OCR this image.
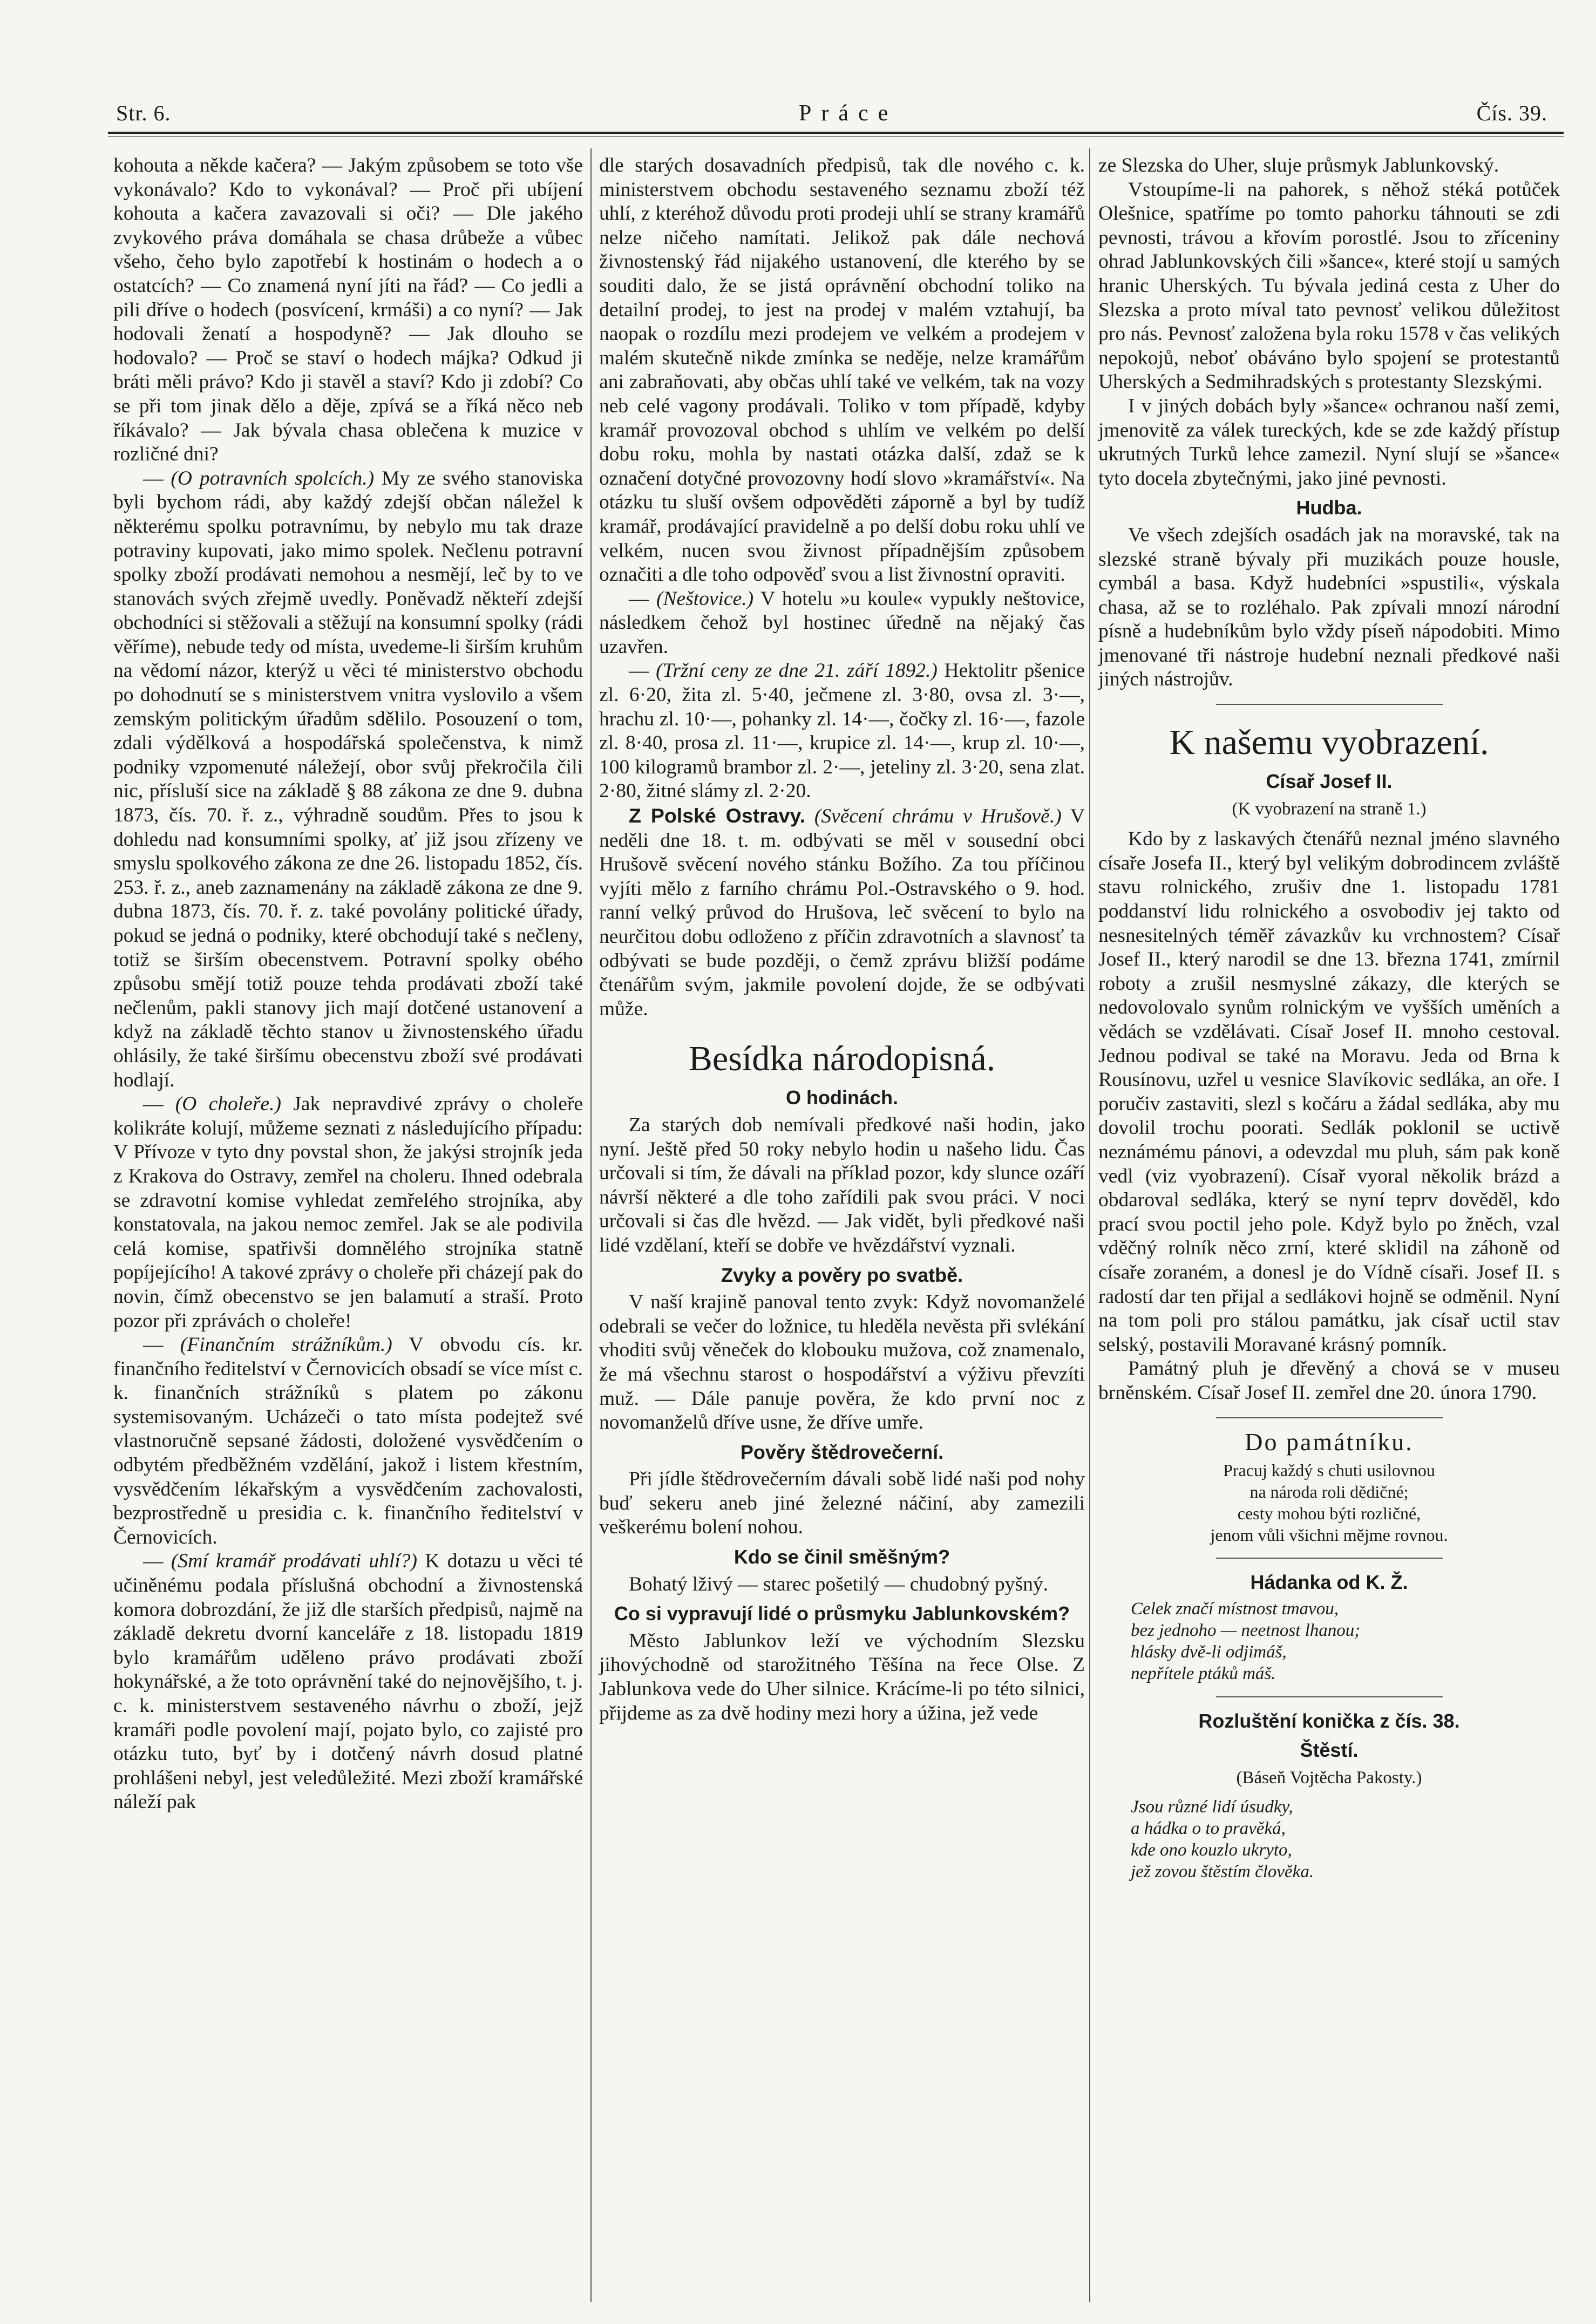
Str. 6.	Práce	Čís. 39.

kohouta a někde kačera? — Jakým způsobem se toto vše vykonávalo? Kdo to vykonával? — Proč při ubíjení kohouta a kačera zavazovali si oči? — Dle jakého zvykového práva domáhala se chasa drůbeže a vůbec všeho, čeho bylo zapotřebí k hostinám o hodech a o ostatcích? — Co znamená nyní jíti na řád? — Co jedli a pili dříve o hodech (posvícení, krmáši) a co nyní? — Jak hodovali ženatí a hospodyně? — Jak dlouho se hodovalo? — Proč se staví o hodech májka? Odkud ji bráti měli právo? Kdo ji stavěl a staví? Kdo ji zdobí? Co se při tom jinak dělo a děje, zpívá se a říká něco neb říkávalo? — Jak bývala chasa oblečena k muzice v rozličné dni?

— (O potravních spolcích.) My ze svého stanoviska byli bychom rádi, aby každý zdejší občan náležel k některému spolku potravnímu, by nebylo mu tak draze potraviny kupovati, jako mimo spolek. Nečlenu potravní spolky zboží prodávati nemohou a nesmějí, leč by to ve stanovách svých zřejmě uvedly. Poněvadž někteří zdejší obchodníci si stěžovali a stěžují na konsumní spolky (rádi věříme), nebude tedy od místa, uvedeme-li širším kruhům na vědomí názor, kterýž u věci té ministerstvo obchodu po dohodnutí se s ministerstvem vnitra vyslovilo a všem zemským politickým úřadům sdělilo. Posouzení o tom, zdali výdělková a hospodářská společenstva, k nimž podniky vzpomenuté náležejí, obor svůj překročila čili nic, přísluší sice na základě § 88 zákona ze dne 9. dubna 1873, čís. 70. ř. z., výhradně soudům. Přes to jsou k dohledu nad konsumními spolky, ať již jsou zřízeny ve smyslu spolkového zákona ze dne 26. listopadu 1852, čís. 253. ř. z., aneb zaznamenány na základě zákona ze dne 9. dubna 1873, čís. 70. ř. z. také povolány politické úřady, pokud se jedná o podniky, které obchodují také s nečleny, totiž se širším obecenstvem. Potravní spolky obého způsobu smějí totiž pouze tehda prodávati zboží také nečlenům, pakli stanovy jich mají dotčené ustanovení a když na základě těchto stanov u živnostenského úřadu ohlásily, že také širšímu obecenstvu zboží své prodávati hodlají.

— (O choleře.) Jak nepravdivé zprávy o choleře kolikráte kolují, můžeme seznati z následujícího případu: V Přívoze v tyto dny povstal shon, že jakýsi strojník jeda z Krakova do Ostravy, zemřel na choleru. Ihned odebrala se zdravotní komise vyhledat zemřelého strojníka, aby konstatovala, na jakou nemoc zemřel. Jak se ale podivila celá komise, spatřivši domnělého strojníka statně popíjejícího! A takové zprávy o choleře při cházejí pak do novin, čímž obecenstvo se jen balamutí a straší. Proto pozor při zprávách o choleře!

— (Finančním strážníkům.) V obvodu cís. kr. finančního ředitelství v Černovicích obsadí se více míst c. k. finančních strážníků s platem po zákonu systemisovaným. Ucházeči o tato místa podejtež své vlastnoručně sepsané žádosti, doložené vysvědčením o odbytém předběžném vzdělání, jakož i listem křestním, vysvědčením lékařským a vysvědčením zachovalosti, bezprostředně u presidia c. k. finančního ředitelství v Černovicích.

— (Smí kramář prodávati uhlí?) K dotazu u věci té učiněnému podala příslušná obchodní a živnostenská komora dobrozdání, že již dle starších předpisů, najmě na základě dekretu dvorní kanceláře z 18. listopadu 1819 bylo kramářům uděleno právo prodávati zboží hokynářské, a že toto oprávnění také do nejnovějšího, t. j. c. k. ministerstvem sestaveného návrhu o zboží, jejž kramáři podle povolení mají, pojato bylo, co zajisté pro otázku tuto, byť by i dotčený návrh dosud platné prohlášeni nebyl, jest veledůležité. Mezi zboží kramářské náleží pak

dle starých dosavadních předpisů, tak dle nového c. k. ministerstvem obchodu sestaveného seznamu zboží též uhlí, z kteréhož důvodu proti prodeji uhlí se strany kramářů nelze ničeho namítati. Jelikož pak dále nechová živnostenský řád nijakého ustanovení, dle kterého by se souditi dalo, že se jistá oprávnění obchodní toliko na detailní prodej, to jest na prodej v malém vztahují, ba naopak o rozdílu mezi prodejem ve velkém a prodejem v malém skutečně nikde zmínka se neděje, nelze kramářům ani zabraňovati, aby občas uhlí také ve velkém, tak na vozy neb celé vagony prodávali. Toliko v tom případě, kdyby kramář provozoval obchod s uhlím ve velkém po delší dobu roku, mohla by nastati otázka další, zdaž se k označení dotyčné provozovny hodí slovo »kramářství«. Na otázku tu sluší ovšem odpověděti záporně a byl by tudíž kramář, prodávající pravidelně a po delší dobu roku uhlí ve velkém, nucen svou živnost případnějším způsobem označiti a dle toho odpověď svou a list živnostní opraviti.

— (Neštovice.) V hotelu »u koule« vypukly neštovice, následkem čehož byl hostinec úředně na nějaký čas uzavřen.

— (Tržní ceny ze dne 21. září 1892.) Hektolitr pšenice zl. 6·20, žita zl. 5·40, ječmene zl. 3·80, ovsa zl. 3·—, hrachu zl. 10·—, pohanky zl. 14·—, čočky zl. 16·—, fazole zl. 8·40, prosa zl. 11·—, krupice zl. 14·—, krup zl. 10·—, 100 kilogramů brambor zl. 2·—, jeteliny zl. 3·20, sena zlat. 2·80, žitné slámy zl. 2·20.

Z Polské Ostravy. (Svěcení chrámu v Hrušově.) V neděli dne 18. t. m. odbývati se měl v sousední obci Hrušově svěcení nového stánku Božího. Za tou příčinou vyjíti mělo z farního chrámu Pol.-Ostravského o 9. hod. ranní velký průvod do Hrušova, leč svěcení to bylo na neurčitou dobu odloženo z příčin zdravotních a slavnosť ta odbývati se bude později, o čemž zprávu bližší podáme čtenářům svým, jakmile povolení dojde, že se odbývati může.

Besídka národopisná.
O hodinách.

Za starých dob nemívali předkové naši hodin, jako nyní. Ještě před 50 roky nebylo hodin u našeho lidu. Čas určovali si tím, že dávali na příklad pozor, kdy slunce ozáří návrší některé a dle toho zařídili pak svou práci. V noci určovali si čas dle hvězd. — Jak vidět, byli předkové naši lidé vzdělaní, kteří se dobře ve hvězdářství vyznali.

Zvyky a pověry po svatbě.

V naší krajině panoval tento zvyk: Když novomanželé odebrali se večer do ložnice, tu hleděla nevěsta při svlékání vhoditi svůj věneček do klobouku mužova, což znamenalo, že má všechnu starost o hospodářství a výživu převzíti muž. — Dále panuje pověra, že kdo první noc z novomanželů dříve usne, že dříve umře.

Pověry štědrovečerní.

Při jídle štědrovečerním dávali sobě lidé naši pod nohy buď sekeru aneb jiné železné náčiní, aby zamezili veškerému bolení nohou.

Kdo se činil směšným?

Bohatý lživý — starec pošetilý — chudobný pyšný.

Co si vypravují lidé o průsmyku Jablunkovském?

Město Jablunkov leží ve východním Slezsku jihovýchodně od starožitného Těšína na řece Olse. Z Jablunkova vede do Uher silnice. Krácíme-li po této silnici, přijdeme as za dvě hodiny mezi hory a úžina, jež vede

ze Slezska do Uher, sluje průsmyk Jablunkovský.

Vstoupíme-li na pahorek, s něhož stéká potůček Olešnice, spatříme po tomto pahorku táhnouti se zdi pevnosti, trávou a křovím porostlé. Jsou to zříceniny ohrad Jablunkovských čili »šance«, které stojí u samých hranic Uherských. Tu bývala jediná cesta z Uher do Slezska a proto míval tato pevnosť velikou důležitost pro nás. Pevnosť založena byla roku 1578 v čas velikých nepokojů, neboť obáváno bylo spojení se protestantů Uherských a Sedmihradských s protestanty Slezskými.

I v jiných dobách byly »šance« ochranou naší zemi, jmenovitě za válek tureckých, kde se zde každý přístup ukrutných Turků lehce zamezil. Nyní slují se »šance« tyto docela zbytečnými, jako jiné pevnosti.

Hudba.

Ve všech zdejších osadách jak na moravské, tak na slezské straně bývaly při muzikách pouze housle, cymbál a basa. Když hudebníci »spustili«, výskala chasa, až se to rozléhalo. Pak zpívali mnozí národní písně a hudebníkům bylo vždy píseň nápodobiti. Mimo jmenované tři nástroje hudební neznali předkové naši jiných nástrojův.

K našemu vyobrazení.
Císař Josef II.
(K vyobrazení na straně 1.)

Kdo by z laskavých čtenářů neznal jméno slavného císaře Josefa II., který byl velikým dobrodincem zvláště stavu rolnického, zrušiv dne 1. listopadu 1781 poddanství lidu rolnického a osvobodiv jej takto od nesnesitelných téměř závazkův ku vrchnostem? Císař Josef II., který narodil se dne 13. března 1741, zmírnil roboty a zrušil nesmyslné zákazy, dle kterých se nedovolovalo synům rolnickým ve vyšších uměních a vědách se vzdělávati. Císař Josef II. mnoho cestoval. Jednou podival se také na Moravu. Jeda od Brna k Rousínovu, uzřel u vesnice Slavíkovic sedláka, an oře. I poručiv zastaviti, slezl s kočáru a žádal sedláka, aby mu dovolil trochu poorati. Sedlák poklonil se uctivě neznámému pánovi, a odevzdal mu pluh, sám pak koně vedl (viz vyobrazení). Císař vyoral několik brázd a obdaroval sedláka, který se nyní teprv dověděl, kdo prací svou poctil jeho pole. Když bylo po žněch, vzal vděčný rolník něco zrní, které sklidil na záhoně od císaře zoraném, a donesl je do Vídně císaři. Josef II. s radostí dar ten přijal a sedlákovi hojně se odměnil. Nyní na tom poli pro stálou památku, jak císař uctil stav selský, postavili Moravané krásný pomník.

Památný pluh je dřevěný a chová se v museu brněnském. Císař Josef II. zemřel dne 20. února 1790.

Do památníku.
Pracuj každý s chuti usilovnou
na národa roli dědičné;
cesty mohou býti rozličné,
jenom vůli všichni mějme rovnou.
Hádanka od K. Ž.
Celek značí místnost tmavou,
bez jednoho — neetnost lhanou;
hlásky dvě-li odjimáš,
nepřítele ptáků máš.
Rozluštění konička z čís. 38.
Štěstí.
(Báseň Vojtěcha Pakosty.)
Jsou různé lidí úsudky,
a hádka o to pravěká,
kde ono kouzlo ukryto,
jež zovou štěstím člověka.
